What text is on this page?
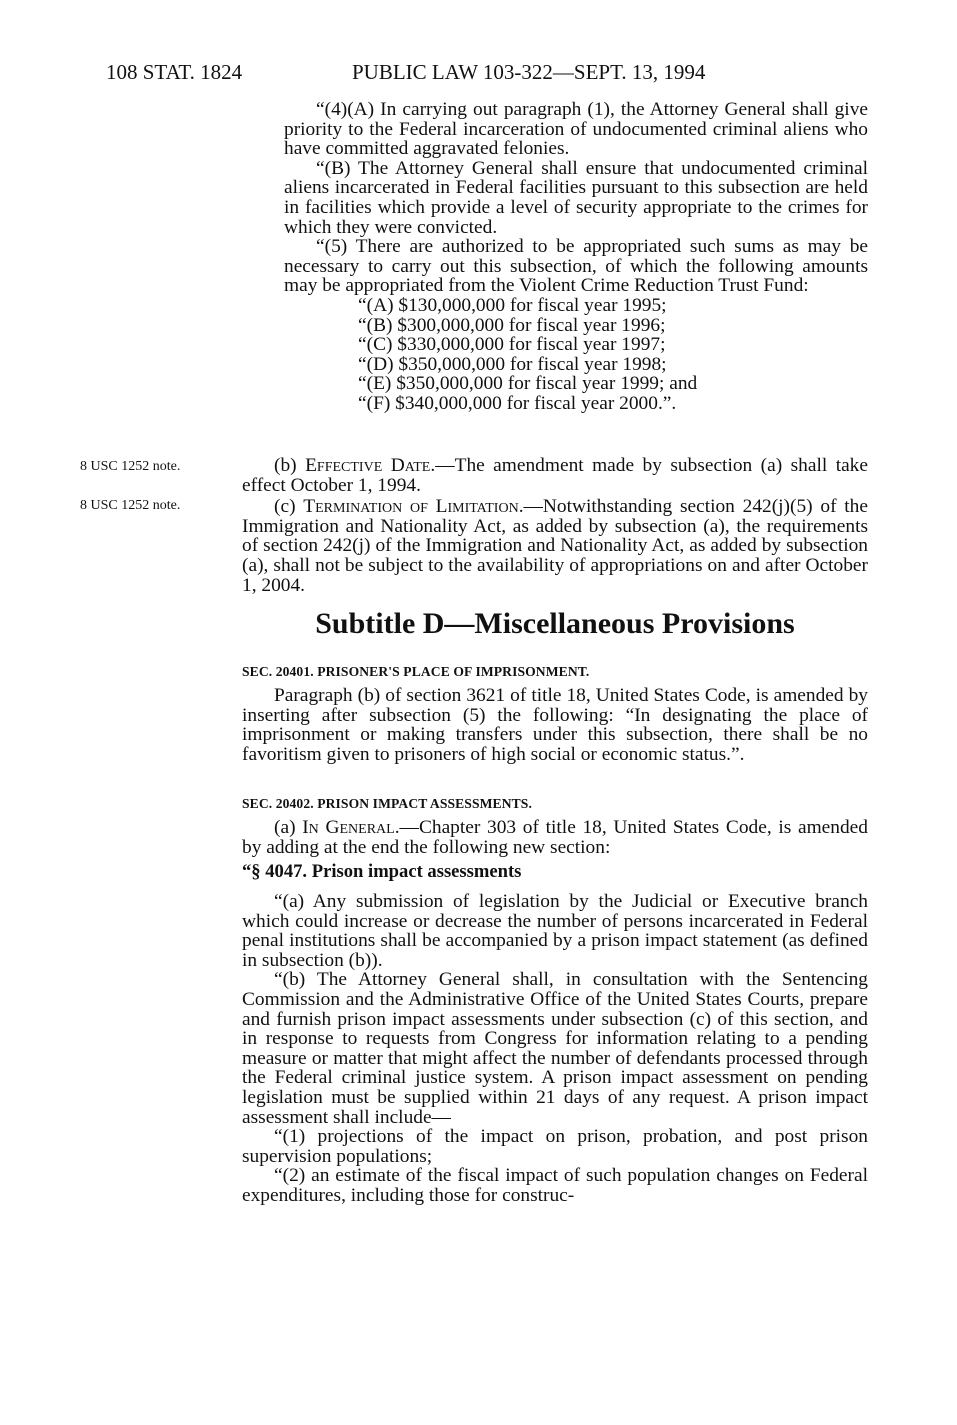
108 STAT. 1824	PUBLIC LAW 103-322—SEPT. 13, 1994

“(4)(A) In carrying out paragraph (1), the Attorney General shall give priority to the Federal incarceration of undocumented criminal aliens who have committed aggravated felonies.

“(B) The Attorney General shall ensure that undocumented criminal aliens incarcerated in Federal facilities pursuant to this subsection are held in facilities which provide a level of security appropriate to the crimes for which they were convicted.

“(5) There are authorized to be appropriated such sums as may be necessary to carry out this subsection, of which the following amounts may be appropriated from the Violent Crime Reduction Trust Fund:

“(A) $130,000,000 for fiscal year 1995;
“(B) $300,000,000 for fiscal year 1996;
“(C) $330,000,000 for fiscal year 1997;
“(D) $350,000,000 for fiscal year 1998;
“(E) $350,000,000 for fiscal year 1999; and
“(F) $340,000,000 for fiscal year 2000.”.
8 USC 1252 note.
8 USC 1252 note.

(b) Effective Date.—The amendment made by subsection (a) shall take effect October 1, 1994.

(c) Termination of Limitation.—Notwithstanding section 242(j)(5) of the Immigration and Nationality Act, as added by subsection (a), the requirements of section 242(j) of the Immigration and Nationality Act, as added by subsection (a), shall not be subject to the availability of appropriations on and after October 1, 2004.

Subtitle D—Miscellaneous Provisions
SEC. 20401. PRISONER'S PLACE OF IMPRISONMENT.

Paragraph (b) of section 3621 of title 18, United States Code, is amended by inserting after subsection (5) the following: “In designating the place of imprisonment or making transfers under this subsection, there shall be no favoritism given to prisoners of high social or economic status.”.

SEC. 20402. PRISON IMPACT ASSESSMENTS.

(a) In General.—Chapter 303 of title 18, United States Code, is amended by adding at the end the following new section:

“§ 4047. Prison impact assessments

“(a) Any submission of legislation by the Judicial or Executive branch which could increase or decrease the number of persons incarcerated in Federal penal institutions shall be accompanied by a prison impact statement (as defined in subsection (b)).

“(b) The Attorney General shall, in consultation with the Sentencing Commission and the Administrative Office of the United States Courts, prepare and furnish prison impact assessments under subsection (c) of this section, and in response to requests from Congress for information relating to a pending measure or matter that might affect the number of defendants processed through the Federal criminal justice system. A prison impact assessment on pending legislation must be supplied within 21 days of any request. A prison impact assessment shall include—

“(1) projections of the impact on prison, probation, and post prison supervision populations;

“(2) an estimate of the fiscal impact of such population changes on Federal expenditures, including those for construc-
